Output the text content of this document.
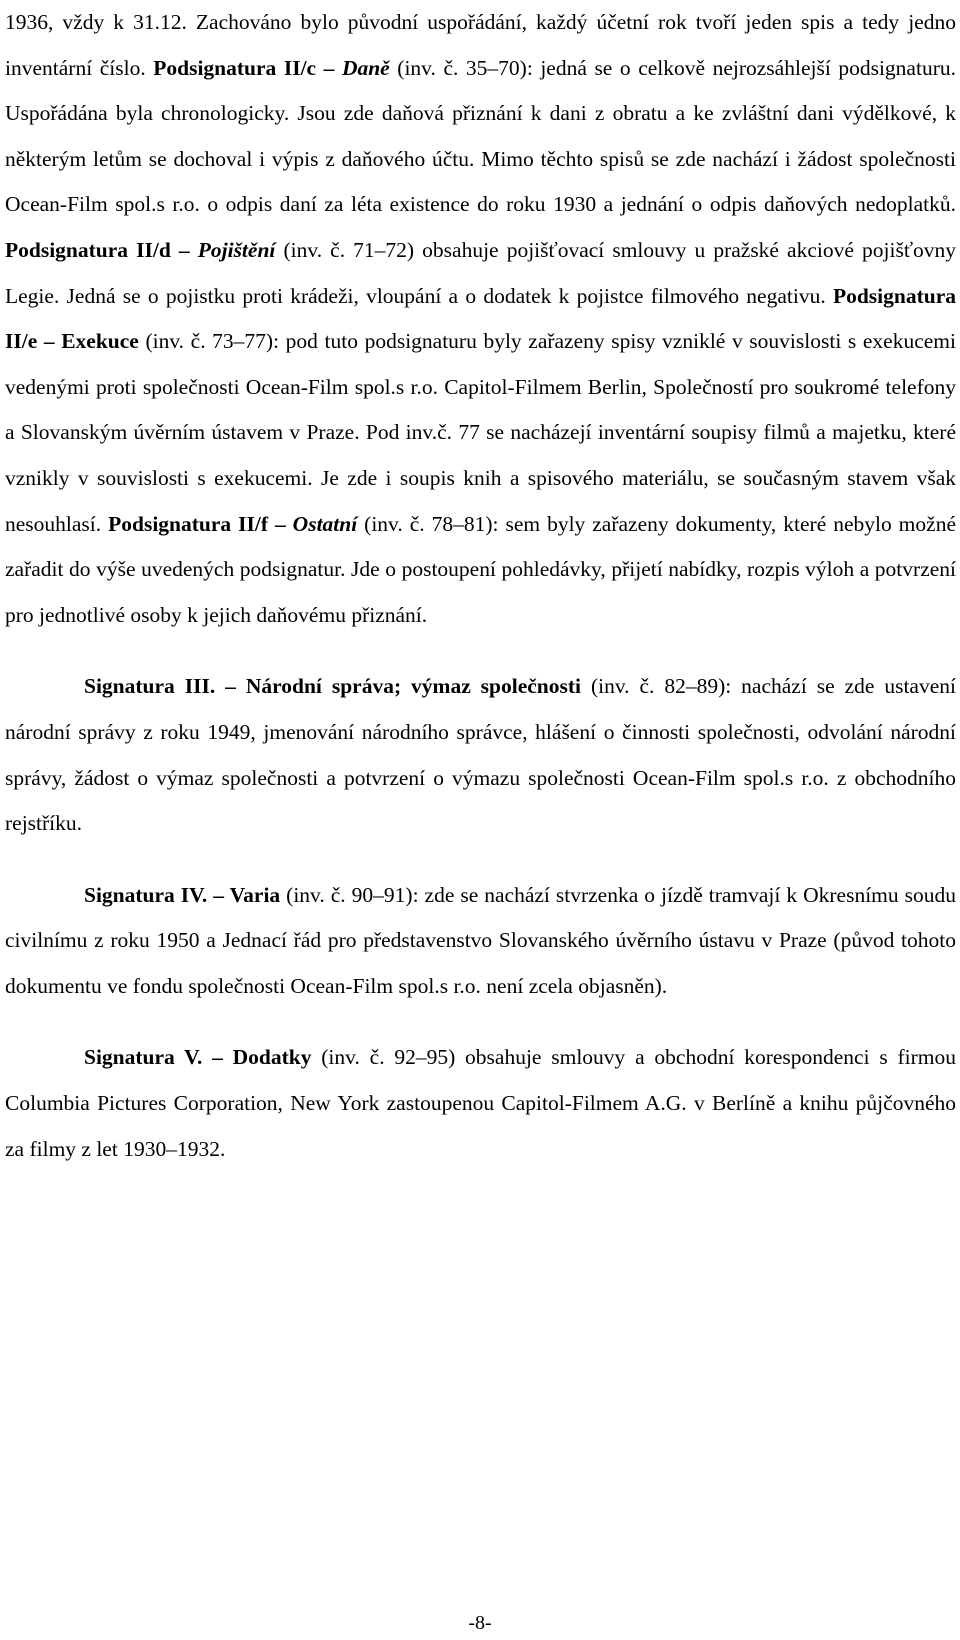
1936, vždy k 31.12. Zachováno bylo původní uspořádání, každý účetní rok tvoří jeden spis a tedy jedno inventární číslo. Podsignatura II/c – Daně (inv. č. 35–70): jedná se o celkově nejrozsáhlejší podsignaturu. Uspořádána byla chronologicky. Jsou zde daňová přiznání k dani z obratu a ke zvláštní dani výdělkové, k některým letům se dochoval i výpis z daňového účtu. Mimo těchto spisů se zde nachází i žádost společnosti Ocean-Film spol.s r.o. o odpis daní za léta existence do roku 1930 a jednání o odpis daňových nedoplatků. Podsignatura II/d – Pojištění (inv. č. 71–72) obsahuje pojišťovací smlouvy u pražské akciové pojišťovny Legie. Jedná se o pojistku proti krádeži, vloupání a o dodatek k pojistce filmového negativu. Podsignatura II/e – Exekuce (inv. č. 73–77): pod tuto podsignaturu byly zařazeny spisy vzniklé v souvislosti s exekucemi vedenými proti společnosti Ocean-Film spol.s r.o. Capitol-Filmem Berlin, Společností pro soukromé telefony a Slovanským úvěrním ústavem v Praze. Pod inv.č. 77 se nacházejí inventární soupisy filmů a majetku, které vznikly v souvislosti s exekucemi. Je zde i soupis knih a spisového materiálu, se současným stavem však nesouhlasí. Podsignatura II/f – Ostatní (inv. č. 78–81): sem byly zařazeny dokumenty, které nebylo možné zařadit do výše uvedených podsignatur. Jde o postoupení pohledávky, přijetí nabídky, rozpis výloh a potvrzení pro jednotlivé osoby k jejich daňovému přiznání.

Signatura III. – Národní správa; výmaz společnosti (inv. č. 82–89): nachází se zde ustavení národní správy z roku 1949, jmenování národního správce, hlášení o činnosti společnosti, odvolání národní správy, žádost o výmaz společnosti a potvrzení o výmazu společnosti Ocean-Film spol.s r.o. z obchodního rejstříku.

Signatura IV. – Varia (inv. č. 90–91): zde se nachází stvrzenka o jízdě tramvají k Okresnímu soudu civilnímu z roku 1950 a Jednací řád pro představenstvo Slovanského úvěrního ústavu v Praze (původ tohoto dokumentu ve fondu společnosti Ocean-Film spol.s r.o. není zcela objasněn).

Signatura V. – Dodatky (inv. č. 92–95) obsahuje smlouvy a obchodní korespondenci s firmou Columbia Pictures Corporation, New York zastoupenou Capitol-Filmem A.G. v Berlíně a knihu půjčovného za filmy z let 1930–1932.

-8-
